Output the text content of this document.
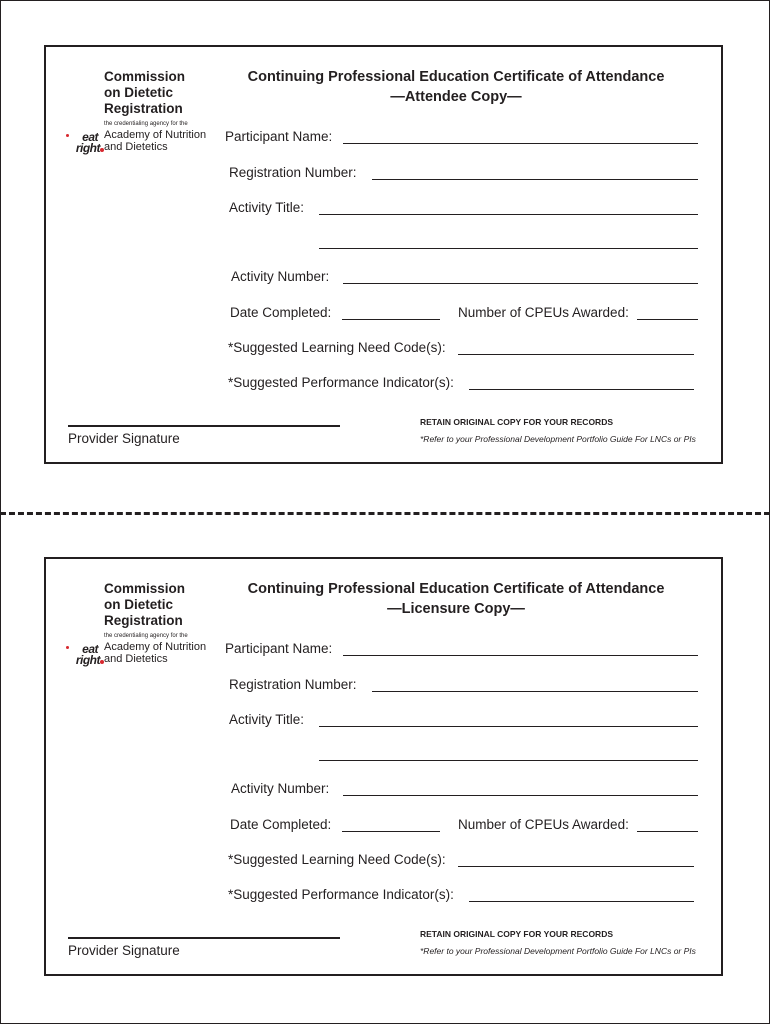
Commission
on Dietetic
Registration
the credentialing agency for the
eat
right
Academy of Nutrition
and Dietetics
Continuing Professional Education Certificate of Attendance
—Attendee Copy—
Participant Name:
Registration Number:
Activity Title:
Activity Number:
Date Completed:	Number of CPEUs Awarded:
*Suggested Learning Need Code(s):
*Suggested Performance Indicator(s):
Provider Signature
RETAIN ORIGINAL COPY FOR YOUR RECORDS
*Refer to your Professional Development Portfolio Guide For LNCs or PIs
Commission
on Dietetic
Registration
the credentialing agency for the
eat
right
Academy of Nutrition
and Dietetics
Continuing Professional Education Certificate of Attendance
—Licensure Copy—
Participant Name:
Registration Number:
Activity Title:
Activity Number:
Date Completed:	Number of CPEUs Awarded:
*Suggested Learning Need Code(s):
*Suggested Performance Indicator(s):
Provider Signature
RETAIN ORIGINAL COPY FOR YOUR RECORDS
*Refer to your Professional Development Portfolio Guide For LNCs or PIs
